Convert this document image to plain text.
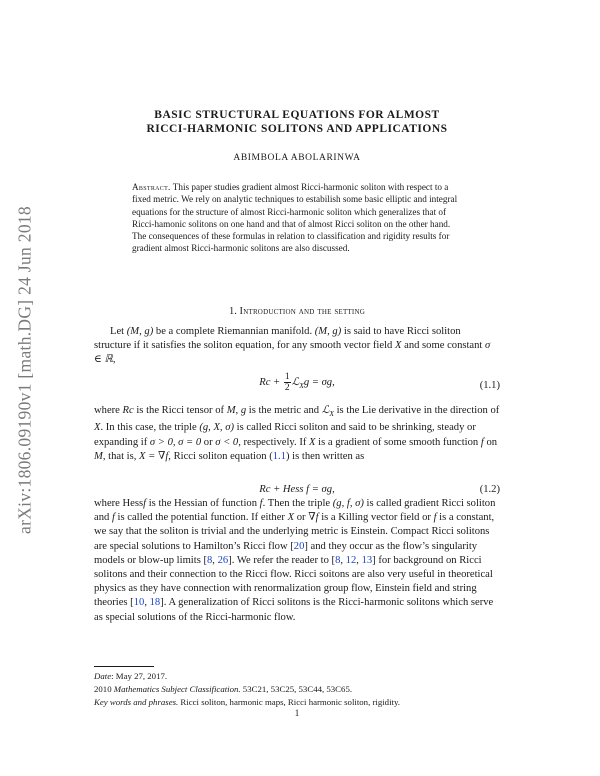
arXiv:1806.09190v1 [math.DG] 24 Jun 2018
BASIC STRUCTURAL EQUATIONS FOR ALMOST
RICCI-HARMONIC SOLITONS AND APPLICATIONS
ABIMBOLA ABOLARINWA
Abstract. This paper studies gradient almost Ricci-harmonic soliton with respect to a fixed metric. We rely on analytic techniques to estabilish some basic elliptic and integral equations for the structure of almost Ricci-harmonic soliton which generalizes that of Ricci-hamonic solitons on one hand and that of almost Ricci soliton on the other hand. The consequences of these formulas in relation to classification and rigidity results for gradient almost Ricci-harmonic solitons are also discussed.
1. Introduction and the setting
Let (M, g) be a complete Riemannian manifold. (M, g) is said to have Ricci soliton structure if it satisfies the soliton equation, for any smooth vector field X and some constant σ ∈ ℝ,
$Rc + \frac{1}{2}$ ℒ$_X$g = σg,	(1.1)
where Rc is the Ricci tensor of M, g is the metric and ℒ$_X$ is the Lie derivative in the direction of X. In this case, the triple (g, X, σ) is called Ricci soliton and said to be shrinking, steady or expanding if σ > 0, σ = 0 or σ < 0, respectively. If X is a gradient of some smooth function f on M, that is, X = ∇f, Ricci soliton equation (1.1) is then written as
Rc + Hess f = σg,	(1.2)
where Hessf is the Hessian of function f. Then the triple (g, f, σ) is called gradient Ricci soliton and f is called the potential function. If either X or ∇f is a Killing vector field or f is a constant, we say that the soliton is trivial and the underlying metric is Einstein. Compact Ricci solitons are special solutions to Hamilton’s Ricci flow [20] and they occur as the flow’s singularity models or blow-up limits [8, 26]. We refer the reader to [8, 12, 13] for background on Ricci solitons and their connection to the Ricci flow. Ricci soitons are also very useful in theoretical physics as they have connection with renormalization group flow, Einstein field and string theories [10, 18]. A generalization of Ricci solitons is the Ricci-harmonic solitons which serve as special solutions of the Ricci-harmonic flow.
Date: May 27, 2017.
2010 Mathematics Subject Classification. 53C21, 53C25, 53C44, 53C65.
Key words and phrases. Ricci soliton, harmonic maps, Ricci harmonic soliton, rigidity.
1
